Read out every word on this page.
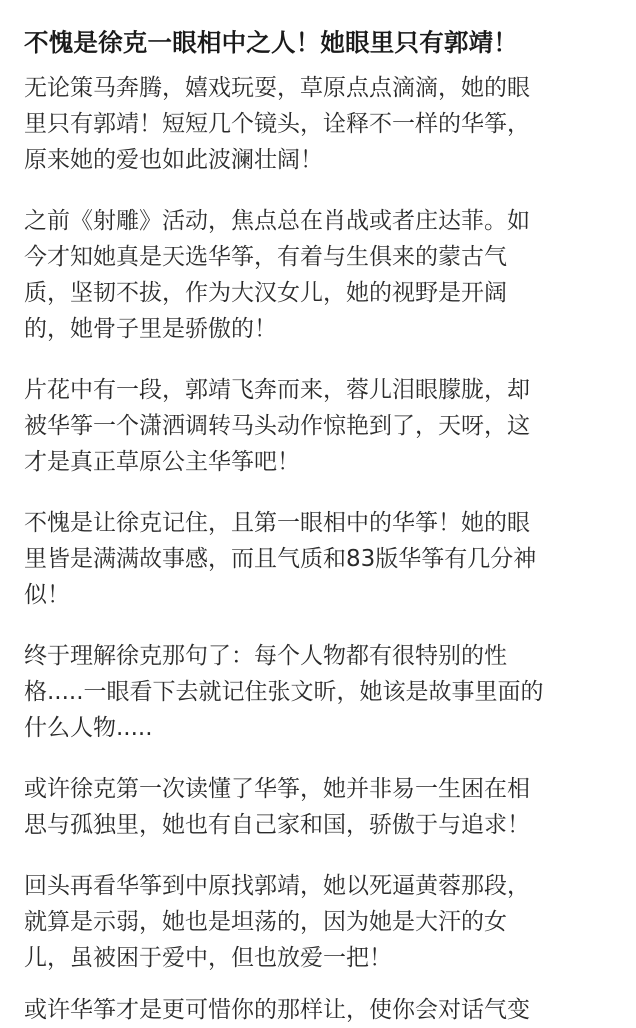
不愧是徐克一眼相中之人！她眼里只有郭靖！
无论策马奔腾，嬉戏玩耍，草原点点滴滴，她的眼
里只有郭靖！短短几个镜头，诠释不一样的华筝，
原来她的爱也如此波澜壮阔！
之前《射雕》活动，焦点总在肖战或者庄达菲。如
今才知她真是天选华筝，有着与生俱来的蒙古气
质，坚韧不拔，作为大汉女儿，她的视野是开阔
的，她骨子里是骄傲的！
片花中有一段，郭靖飞奔而来，蓉儿泪眼朦胧，却
被华筝一个潇洒调转马头动作惊艳到了，天呀，这
才是真正草原公主华筝吧！
不愧是让徐克记住，且第一眼相中的华筝！她的眼
里皆是满满故事感，而且气质和83版华筝有几分神
似！
终于理解徐克那句了：每个人物都有很特别的性
格.....一眼看下去就记住张文昕，她该是故事里面的
什么人物.....
或许徐克第一次读懂了华筝，她并非易一生困在相
思与孤独里，她也有自己家和国，骄傲于与追求！
回头再看华筝到中原找郭靖，她以死逼黄蓉那段，
就算是示弱，她也是坦荡的，因为她是大汗的女
儿，虽被困于爱中，但也放爱一把！
或许华筝才是更可惜你的那样让，使你会对话气变
